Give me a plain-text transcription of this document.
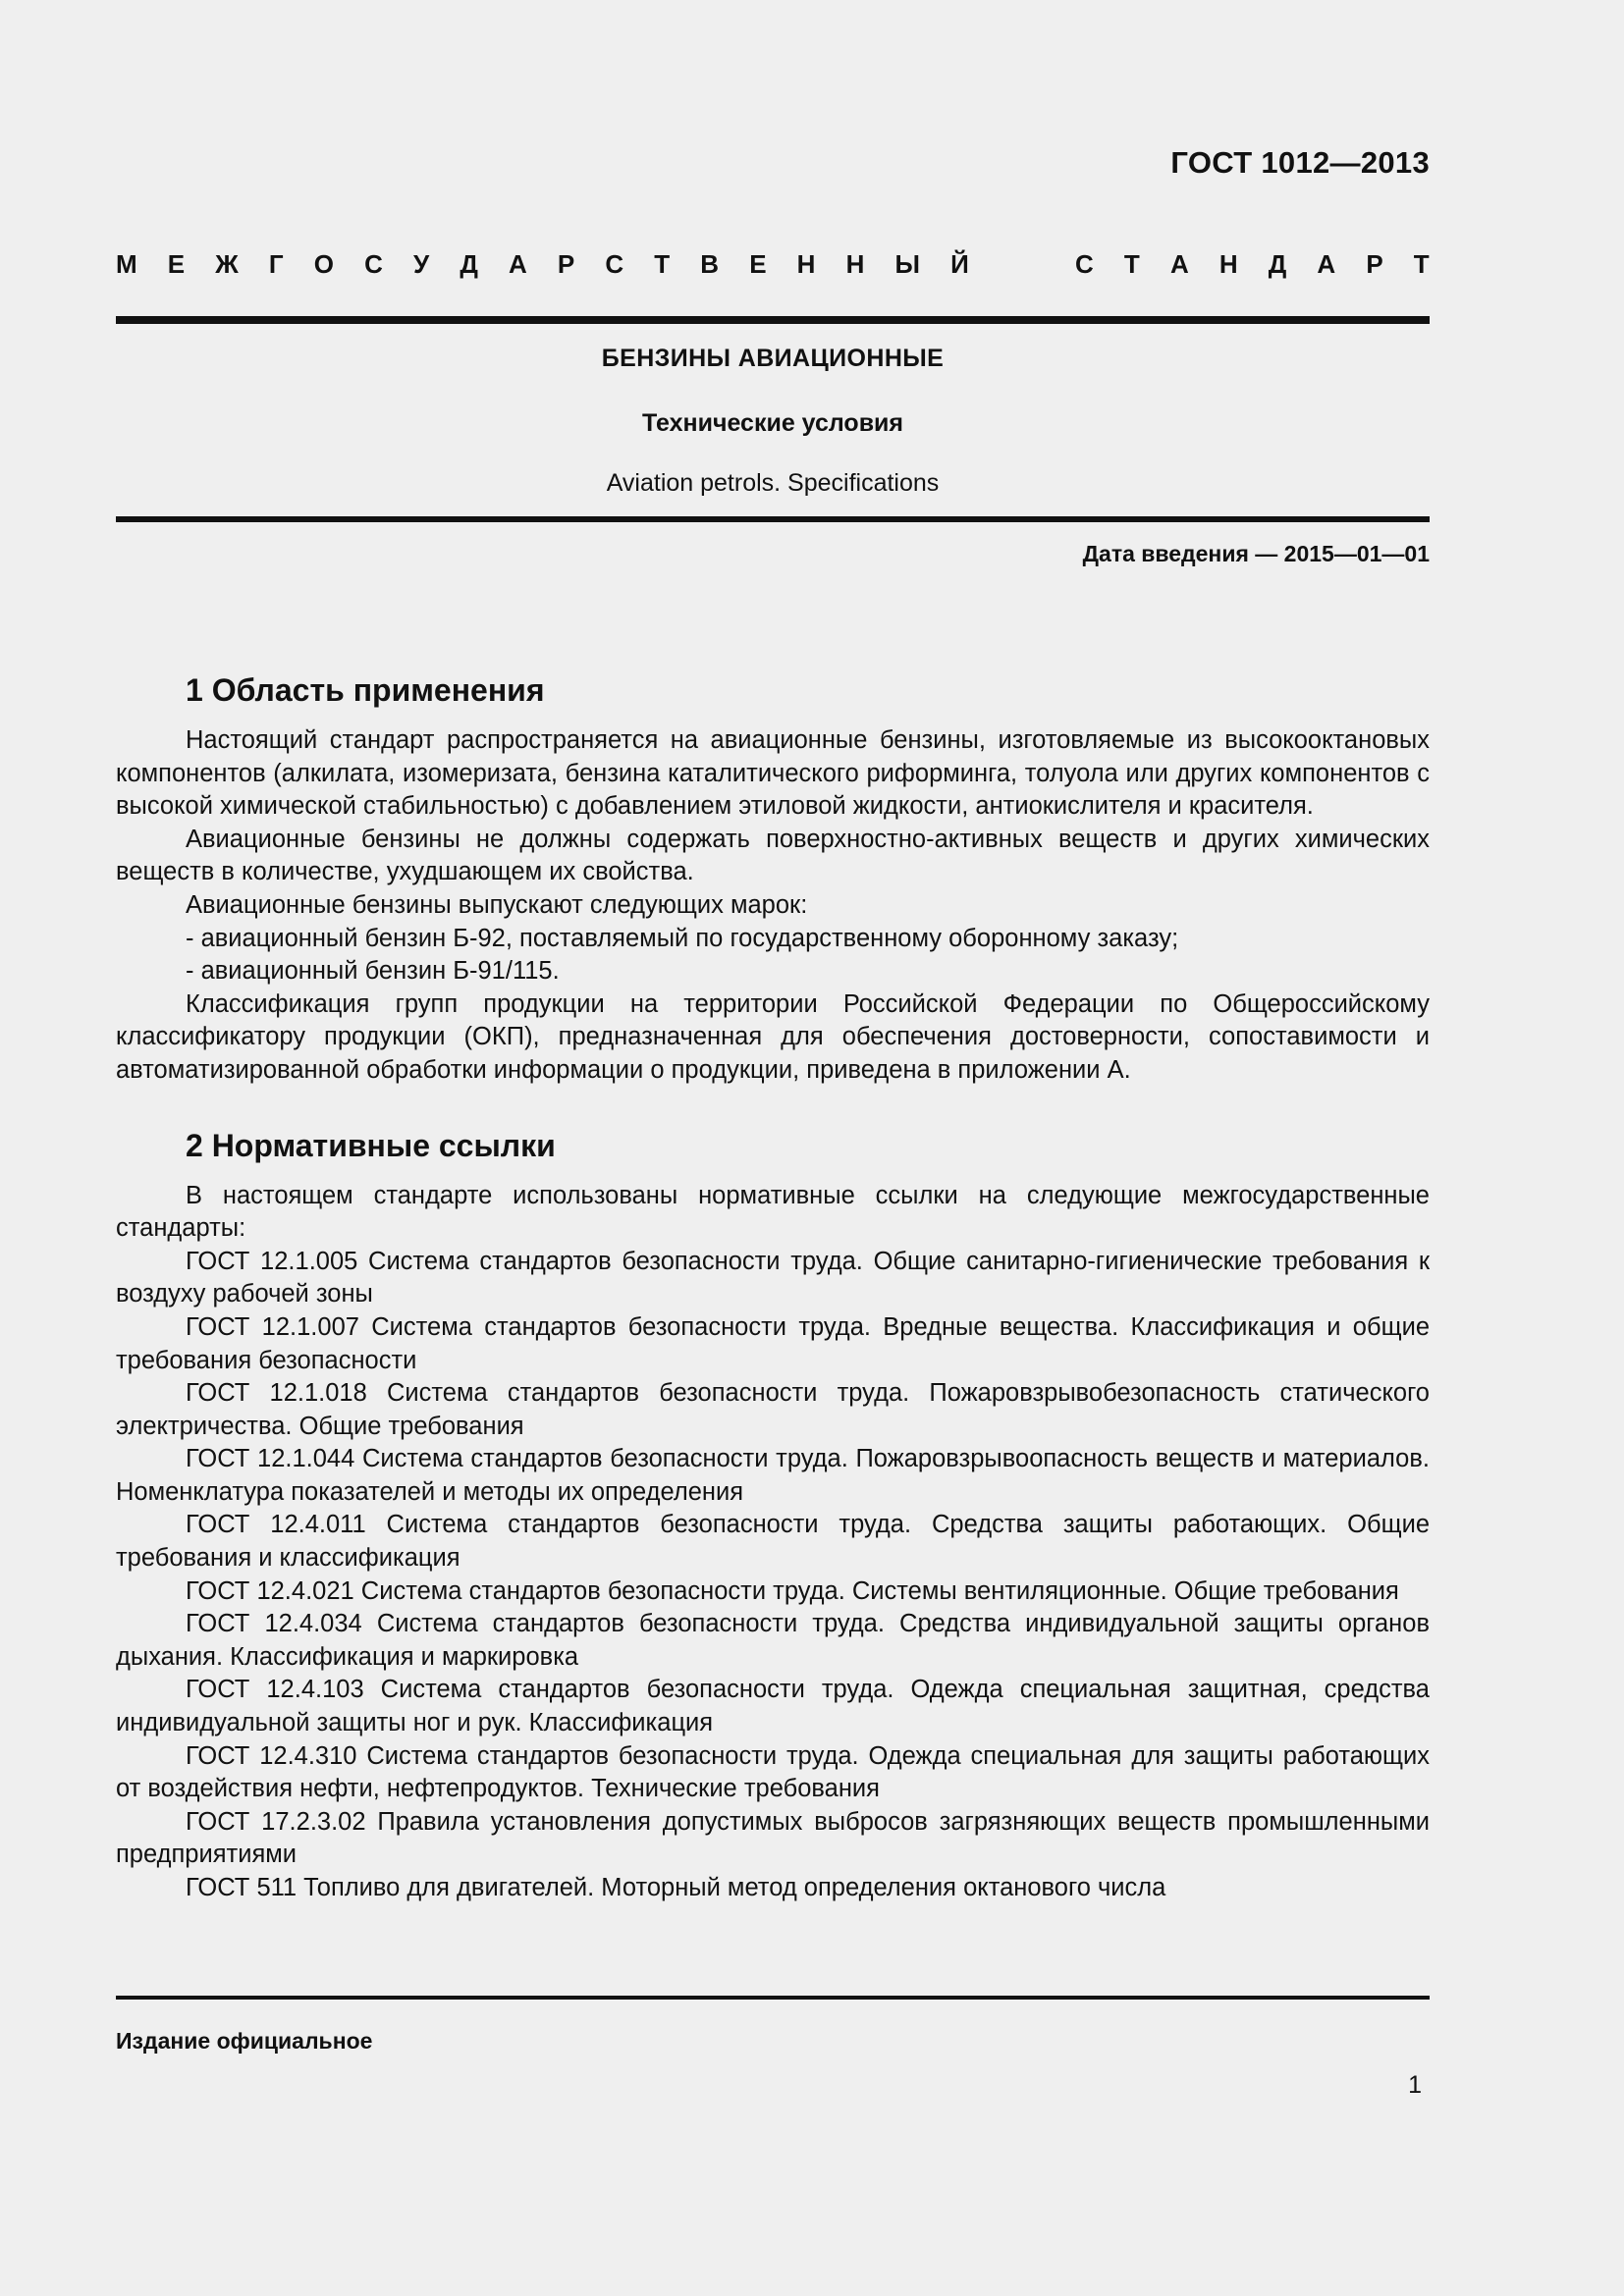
ГОСТ 1012—2013
М Е Ж Г О С У Д А Р С Т В Е Н Н Ы Й	С Т А Н Д А Р Т
БЕНЗИНЫ АВИАЦИОННЫЕ
Технические условия
Aviation petrols. Specifications
Дата введения — 2015—01—01
1 Область применения

Настоящий стандарт распространяется на авиационные бензины, изготовляемые из высокооктановых компонентов (алкилата, изомеризата, бензина каталитического риформинга, толуола или других компонентов с высокой химической стабильностью) с добавлением этиловой жидкости, антиокислителя и красителя.

Авиационные бензины не должны содержать поверхностно-активных веществ и других химических веществ в количестве, ухудшающем их свойства.

Авиационные бензины выпускают следующих марок:

- авиационный бензин Б-92, поставляемый по государственному оборонному заказу;

- авиационный бензин Б-91/115.

Классификация групп продукции на территории Российской Федерации по Общероссийскому классификатору продукции (ОКП), предназначенная для обеспечения достоверности, сопоставимости и автоматизированной обработки информации о продукции, приведена в приложении А.

2 Нормативные ссылки

В настоящем стандарте использованы нормативные ссылки на следующие межгосударственные стандарты:

ГОСТ 12.1.005 Система стандартов безопасности труда. Общие санитарно-гигиенические требования к воздуху рабочей зоны

ГОСТ 12.1.007 Система стандартов безопасности труда. Вредные вещества. Классификация и общие требования безопасности

ГОСТ 12.1.018 Система стандартов безопасности труда. Пожаровзрывобезопасность статического электричества. Общие требования

ГОСТ 12.1.044 Система стандартов безопасности труда. Пожаровзрывоопасность веществ и материалов. Номенклатура показателей и методы их определения

ГОСТ 12.4.011 Система стандартов безопасности труда. Средства защиты работающих. Общие требования и классификация

ГОСТ 12.4.021 Система стандартов безопасности труда. Системы вентиляционные. Общие требования

ГОСТ 12.4.034 Система стандартов безопасности труда. Средства индивидуальной защиты органов дыхания. Классификация и маркировка

ГОСТ 12.4.103 Система стандартов безопасности труда. Одежда специальная защитная, средства индивидуальной защиты ног и рук. Классификация

ГОСТ 12.4.310 Система стандартов безопасности труда. Одежда специальная для защиты работающих от воздействия нефти, нефтепродуктов. Технические требования

ГОСТ 17.2.3.02 Правила установления допустимых выбросов загрязняющих веществ промышленными предприятиями

ГОСТ 511 Топливо для двигателей. Моторный метод определения октанового числа

Издание официальное
1
